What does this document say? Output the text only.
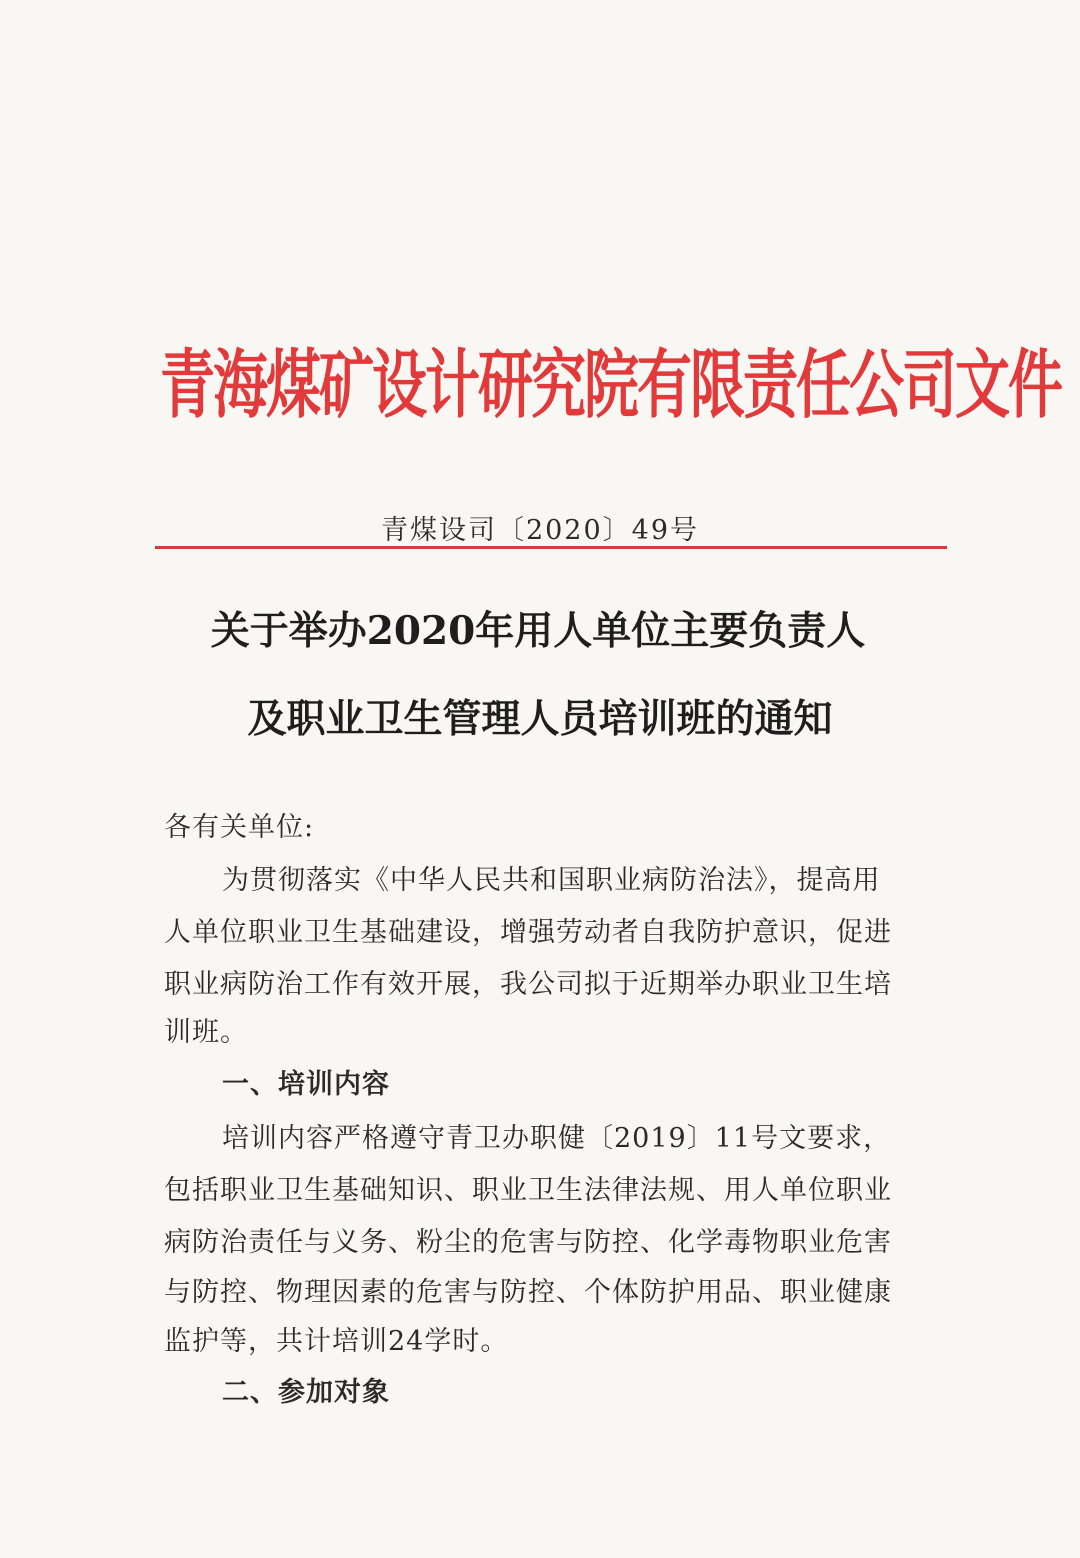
青海煤矿设计研究院有限责任公司文件
青煤设司〔2020〕49号
关于举办2020年用人单位主要负责人
及职业卫生管理人员培训班的通知
各有关单位:
为贯彻落实《中华人民共和国职业病防治法》，提高用
人单位职业卫生基础建设，增强劳动者自我防护意识，促进
职业病防治工作有效开展，我公司拟于近期举办职业卫生培
训班。
一、培训内容
培训内容严格遵守青卫办职健〔2019〕11号文要求，
包括职业卫生基础知识、职业卫生法律法规、用人单位职业
病防治责任与义务、粉尘的危害与防控、化学毒物职业危害
与防控、物理因素的危害与防控、个体防护用品、职业健康
监护等，共计培训24学时。
二、参加对象
